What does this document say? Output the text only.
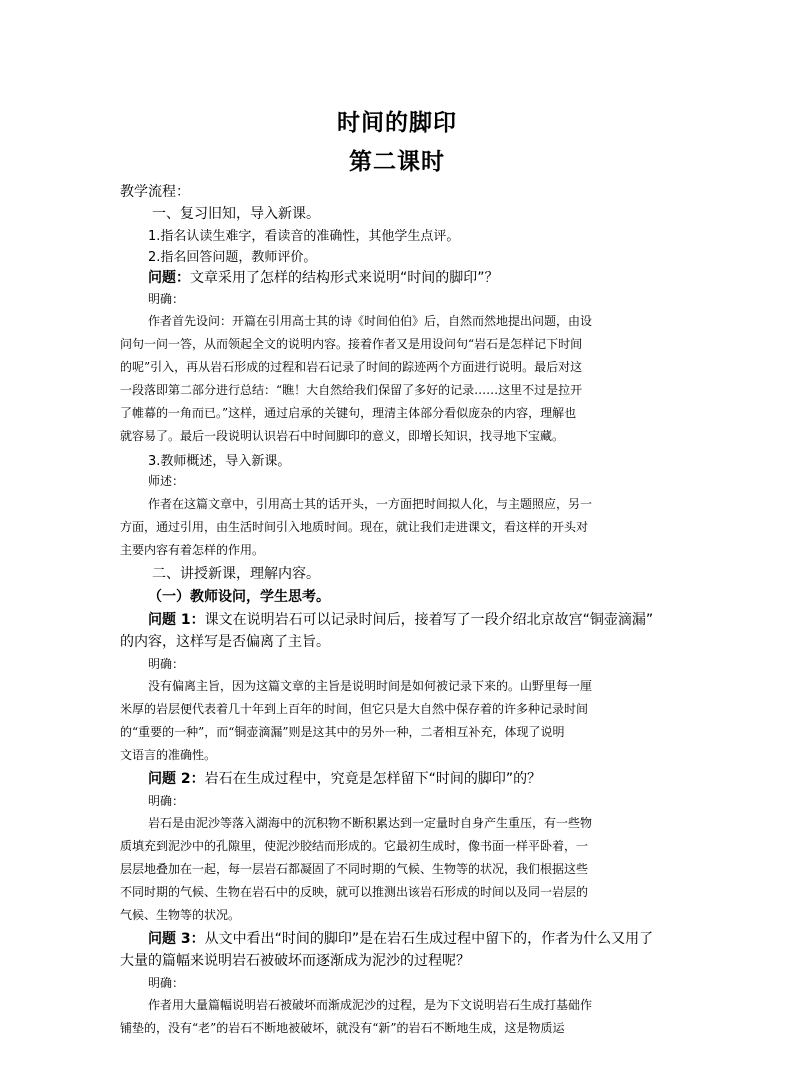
时间的脚印
第二课时
教学流程：
一、复习旧知，导入新课。
1.指名认读生难字，看读音的准确性，其他学生点评。
2.指名回答问题，教师评价。
问题：文章采用了怎样的结构形式来说明“时间的脚印”？
明确：
作者首先设问：开篇在引用高士其的诗《时间伯伯》后，自然而然地提出问题，由设
问句一问一答，从而领起全文的说明内容。接着作者又是用设问句“岩石是怎样记下时间
的呢”引入，再从岩石形成的过程和岩石记录了时间的踪迹两个方面进行说明。最后对这
一段落即第二部分进行总结：“瞧！大自然给我们保留了多好的记录……这里不过是拉开
了帷幕的一角而已。”这样，通过启承的关键句，理清主体部分看似庞杂的内容，理解也
就容易了。最后一段说明认识岩石中时间脚印的意义，即增长知识，找寻地下宝藏。
3.教师概述，导入新课。
师述：
作者在这篇文章中，引用高士其的话开头，一方面把时间拟人化，与主题照应，另一
方面，通过引用，由生活时间引入地质时间。现在，就让我们走进课文，看这样的开头对
主要内容有着怎样的作用。
二、讲授新课，理解内容。
（一）教师设问，学生思考。
问题 1：课文在说明岩石可以记录时间后，接着写了一段介绍北京故宫“铜壶滴漏”
的内容，这样写是否偏离了主旨。
明确：
没有偏离主旨，因为这篇文章的主旨是说明时间是如何被记录下来的。山野里每一厘
米厚的岩层便代表着几十年到上百年的时间，但它只是大自然中保存着的许多种记录时间
的“重要的一种”，而“铜壶滴漏”则是这其中的另外一种，二者相互补充，体现了说明
文语言的准确性。
问题 2：岩石在生成过程中，究竟是怎样留下“时间的脚印”的？
明确：
岩石是由泥沙等落入湖海中的沉积物不断积累达到一定量时自身产生重压，有一些物
质填充到泥沙中的孔隙里，使泥沙胶结而形成的。它最初生成时，像书面一样平卧着，一
层层地叠加在一起，每一层岩石都凝固了不同时期的气候、生物等的状况，我们根据这些
不同时期的气候、生物在岩石中的反映，就可以推测出该岩石形成的时间以及同一岩层的
气候、生物等的状况。
问题 3：从文中看出“时间的脚印”是在岩石生成过程中留下的，作者为什么又用了
大量的篇幅来说明岩石被破坏而逐渐成为泥沙的过程呢？
明确：
作者用大量篇幅说明岩石被破坏而渐成泥沙的过程，是为下文说明岩石生成打基础作
铺垫的，没有“老”的岩石不断地被破坏，就没有“新”的岩石不断地生成，这是物质运
